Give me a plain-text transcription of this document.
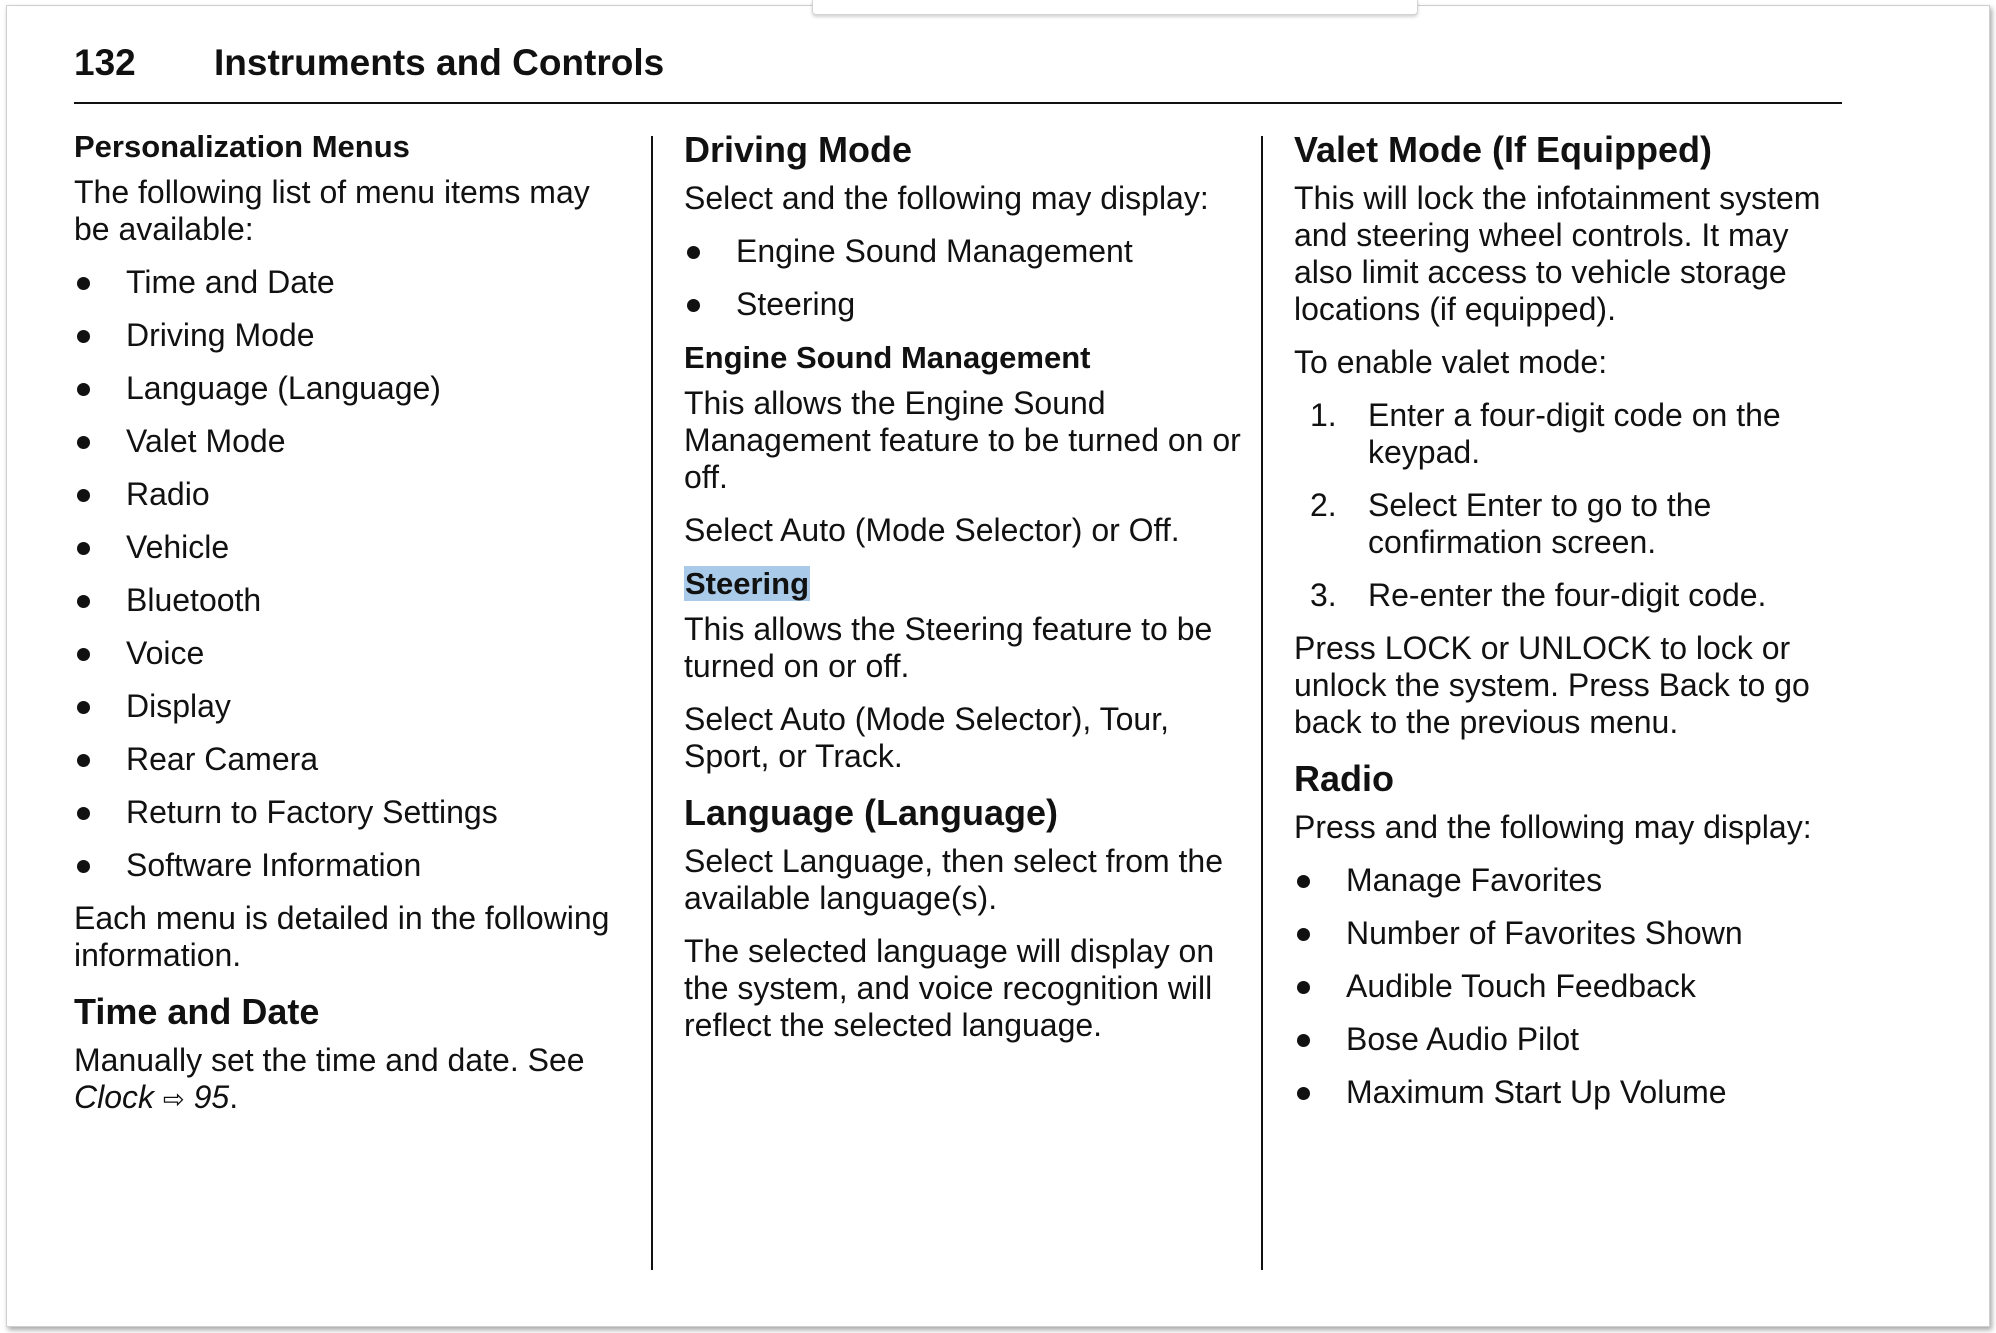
132 Instruments and Controls
Personalization Menus

The following list of menu items may be available:

Time and Date
Driving Mode
Language (Language)
Valet Mode
Radio
Vehicle
Bluetooth
Voice
Display
Rear Camera
Return to Factory Settings
Software Information

Each menu is detailed in the following information.

Time and Date

Manually set the time and date. See Clock ⇨ 95.

Driving Mode

Select and the following may display:

Engine Sound Management
Steering
Engine Sound Management

This allows the Engine Sound Management feature to be turned on or off.

Select Auto (Mode Selector) or Off.

Steering

This allows the Steering feature to be turned on or off.

Select Auto (Mode Selector), Tour, Sport, or Track.

Language (Language)

Select Language, then select from the available language(s).

The selected language will display on the system, and voice recognition will reflect the selected language.

Valet Mode (If Equipped)

This will lock the infotainment system and steering wheel controls. It may also limit access to vehicle storage locations (if equipped).

To enable valet mode:

1. Enter a four-digit code on the keypad.
2. Select Enter to go to the confirmation screen.
3. Re-enter the four-digit code.

Press LOCK or UNLOCK to lock or unlock the system. Press Back to go back to the previous menu.

Radio

Press and the following may display:

Manage Favorites
Number of Favorites Shown
Audible Touch Feedback
Bose Audio Pilot
Maximum Start Up Volume
